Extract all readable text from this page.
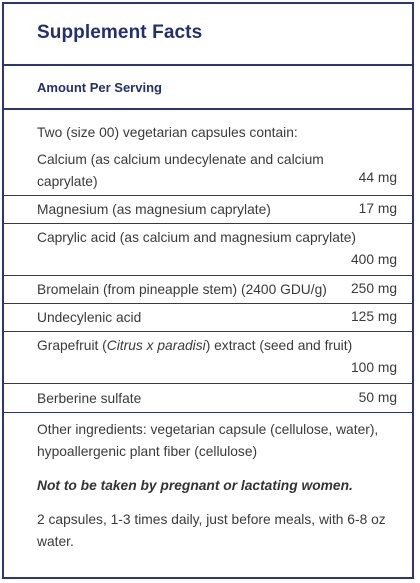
Supplement Facts
Amount Per Serving
Two (size 00) vegetarian capsules contain:
Calcium (as calcium undecylenate and calcium caprylate)	44 mg
Magnesium (as magnesium caprylate)	17 mg
Caprylic acid (as calcium and magnesium caprylate)
400 mg
Bromelain (from pineapple stem) (2400 GDU/g)	250 mg
Undecylenic acid	125 mg
Grapefruit (Citrus x paradisi) extract (seed and fruit)
100 mg
Berberine sulfate	50 mg
Other ingredients: vegetarian capsule (cellulose, water), hypoallergenic plant fiber (cellulose)
Not to be taken by pregnant or lactating women.
2 capsules, 1-3 times daily, just before meals, with 6-8 oz water.
